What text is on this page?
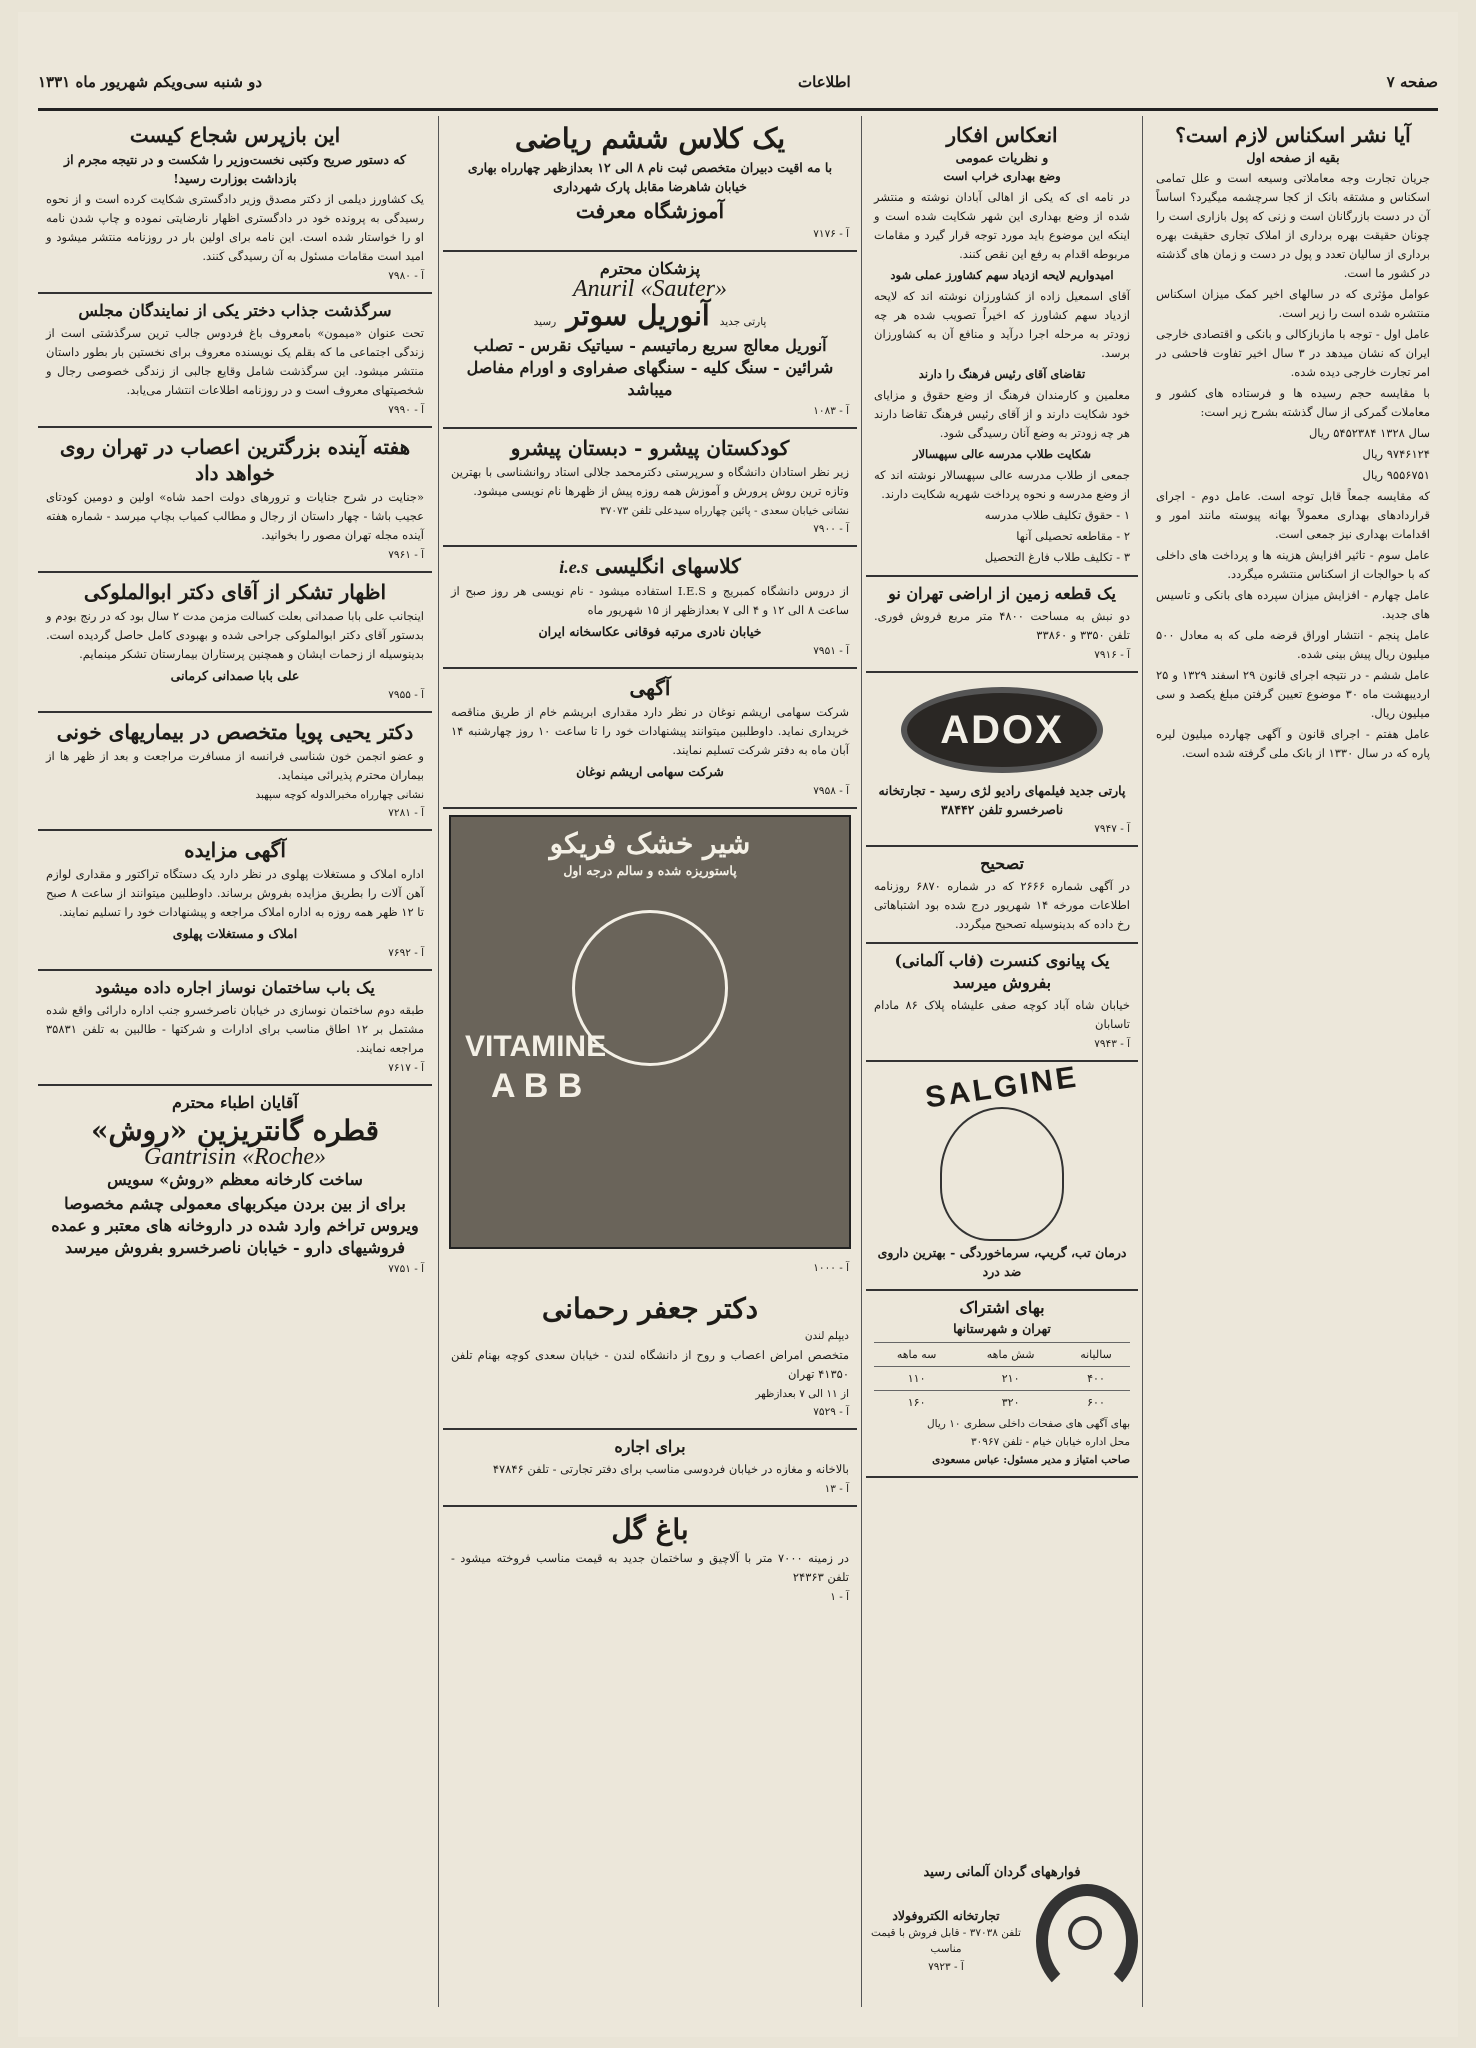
صفحه ۷
اطلاعات
دو شنبه سی‌ویکم شهریور ماه ۱۳۳۱
آیا نشر اسکناس لازم است؟
بقیه از صفحه اول

جریان تجارت وجه معاملاتی وسیعه است و علل تمامی اسکناس و مشتقه بانک از کجا سرچشمه میگیرد؟ اساساً آن در دست بازرگانان است و زنی که پول بازاری است را چونان حقیقت بهره برداری از املاک تجاری حقیقت بهره برداری از سالیان تعدد و پول در دست و زمان های گذشته در کشور ما است.

عوامل مؤثری که در سالهای اخیر کمک میزان اسکناس منتشره شده است را زیر است.

عامل اول - توجه با مازبازکالی و بانکی و اقتصادی خارجی ایران که نشان میدهد در ۳ سال اخیر تفاوت فاحشی در امر تجارت خارجی دیده شده.

با مقایسه حجم رسیده ها و فرستاده های کشور و معاملات گمرکی از سال گذشته بشرح زیر است:

سال ۱۳۲۸ ۵۴۵۲۳۸۴ ریال

۹۷۴۶۱۲۴ ریال

۹۵۵۶۷۵۱ ریال

که مقایسه جمعاً قابل توجه است. عامل دوم - اجرای قراردادهای بهداری معمولاً بهانه پیوسته مانند امور و اقدامات بهداری نیز جمعی است.

عامل سوم - تاثیر افزایش هزینه ها و پرداخت های داخلی که با حوالجات از اسکناس منتشره میگردد.

عامل چهارم - افزایش میزان سپرده های بانکی و تاسیس های جدید.

عامل پنجم - انتشار اوراق قرضه ملی که به معادل ۵۰۰ میلیون ریال پیش بینی شده.

عامل ششم - در نتیجه اجرای قانون ۲۹ اسفند ۱۳۲۹ و ۲۵ اردیبهشت ماه ۳۰ موضوع تعیین گرفتن مبلغ یکصد و سی میلیون ریال.

عامل هفتم - اجرای قانون و آگهی چهارده میلیون لیره پاره که در سال ۱۳۳۰ از بانک ملی گرفته شده است.

انعکاس افکار
و نظریات عمومی
وضع بهداری خراب است

در نامه ای که یکی از اهالی آبادان نوشته و منتشر شده از وضع بهداری این شهر شکایت شده است و اینکه این موضوع باید مورد توجه قرار گیرد و مقامات مربوطه اقدام به رفع این نقص کنند.

امیدواریم لایحه ازدیاد سهم کشاورز عملی شود

آقای اسمعیل زاده از کشاورزان نوشته اند که لایحه ازدیاد سهم کشاورز که اخیراً تصویب شده هر چه زودتر به مرحله اجرا درآید و منافع آن به کشاورزان برسد.

تقاضای آقای رئیس فرهنگ را دارند

معلمین و کارمندان فرهنگ از وضع حقوق و مزایای خود شکایت دارند و از آقای رئیس فرهنگ تقاضا دارند هر چه زودتر به وضع آنان رسیدگی شود.

شکایت طلاب مدرسه عالی سپهسالار

جمعی از طلاب مدرسه عالی سپهسالار نوشته اند که از وضع مدرسه و نحوه پرداخت شهریه شکایت دارند.

۱ - حقوق تکلیف طلاب مدرسه

۲ - مقاطعه تحصیلی آنها

۳ - تکلیف طلاب فارغ التحصیل

یک قطعه زمین از اراضی تهران نو

دو نبش به مساحت ۴۸۰۰ متر مربع فروش فوری. تلفن ۳۳۵۰ و ۳۳۸۶۰

آ - ۷۹۱۶

ADOX

پارتی جدید فیلمهای رادیو لژی رسید - تجارتخانه ناصرخسرو تلفن ۳۸۴۴۲

آ - ۷۹۴۷

تصحیح

در آگهی شماره ۲۶۶۶ که در شماره ۶۸۷۰ روزنامه اطلاعات مورخه ۱۴ شهریور درج شده بود اشتباهاتی رخ داده که بدینوسیله تصحیح میگردد.

یک پیانوی کنسرت (فاب آلمانی) بفروش میرسد

خیابان شاه آباد کوچه صفی علیشاه پلاک ۸۶ مادام تاسابان

آ - ۷۹۴۳

SALGINE

درمان تب، گریپ، سرماخوردگی - بهترین داروی ضد درد

بهای اشتراک
تهران و شهرستانها
سالیانه	شش ماهه	سه ماهه
۴۰۰	۲۱۰	۱۱۰
۶۰۰	۳۲۰	۱۶۰

بهای آگهی های صفحات داخلی سطری ۱۰ ریال

محل اداره خیابان خیام - تلفن ۳۰۹۶۷

صاحب امتیاز و مدیر مسئول: عباس مسعودی

یک کلاس ششم ریاضی

با مه اقیت دبیران متخصص ثبت نام ۸ الی ۱۲ بعدازظهر چهارراه بهاری خیابان شاهرضا مقابل پارک شهرداری

آموزشگاه معرفت

آ - ۷۱۷۶

پزشکان محترم
Anuril «Sauter»
پارتی جدید
آنوریل سوتر
رسید

آنوریل معالج سریع رماتیسم - سیاتیک نقرس - تصلب شرائین - سنگ کلیه - سنگهای صفراوی و اورام مفاصل میباشد

آ - ۱۰۸۳

کودکستان پیشرو - دبستان پیشرو

زیر نظر استادان دانشگاه و سرپرستی دکترمحمد جلالی استاد روانشناسی با بهترین وتازه ترین روش پرورش و آموزش همه روزه پیش از ظهرها نام نویسی میشود.

نشانی خیابان سعدی - پائین چهارراه سیدعلی تلفن ۳۷۰۷۳

آ - ۷۹۰۰

کلاسهای انگلیسی i.e.s

از دروس دانشگاه کمبریج و I.E.S استفاده میشود - نام نویسی هر روز صبح از ساعت ۸ الی ۱۲ و ۴ الی ۷ بعدازظهر از ۱۵ شهریور ماه

خیابان نادری مرتبه فوقانی عکاسخانه ایران

آ - ۷۹۵۱

آگهی

شرکت سهامی اریشم نوغان در نظر دارد مقداری ابریشم خام از طریق مناقصه خریداری نماید. داوطلبین میتوانند پیشنهادات خود را تا ساعت ۱۰ روز چهارشنبه ۱۴ آبان ماه به دفتر شرکت تسلیم نمایند.

شرکت سهامی اریشم نوغان

آ - ۷۹۵۸

شیر خشک فریکو
پاستوریزه شده و سالم درجه اول
VITAMINE
A B B

آ - ۱۰۰۰

دکتر جعفر رحمانی

دیپلم لندن

متخصص امراض اعصاب و روح از دانشگاه لندن - خیابان سعدی کوچه بهنام تلفن ۴۱۳۵۰ تهران

از ۱۱ الی ۷ بعدازظهر

آ - ۷۵۲۹

برای اجاره

بالاخانه و مغازه در خیابان فردوسی مناسب برای دفتر تجارتی - تلفن ۴۷۸۴۶

آ - ۱۳

باغ گل

در زمینه ۷۰۰۰ متر با آلاچیق و ساختمان جدید به قیمت مناسب فروخته میشود - تلفن ۲۴۳۶۳

آ - ۱

این بازپرس شجاع کیست

که دستور صریح وکتبی نخست‌وزیر را شکست و در نتیجه مجرم از بازداشت بوزارت رسید!

یک کشاورز دیلمی از دکتر مصدق وزیر دادگستری شکایت کرده است و از نحوه رسیدگی به پرونده خود در دادگستری اظهار نارضایتی نموده و چاپ شدن نامه او را خواستار شده است. این نامه برای اولین بار در روزنامه منتشر میشود و امید است مقامات مسئول به آن رسیدگی کنند.

آ - ۷۹۸۰

سرگذشت جذاب دختر یکی از نمایندگان مجلس

تحت عنوان «میمون» بامعروف باغ فردوس جالب ترین سرگذشتی است از زندگی اجتماعی ما که بقلم یک نویسنده معروف برای نخستین بار بطور داستان منتشر میشود. این سرگذشت شامل وقایع جالبی از زندگی خصوصی رجال و شخصیتهای معروف است و در روزنامه اطلاعات انتشار می‌یابد.

آ - ۷۹۹۰

هفته آینده بزرگترین اعصاب در تهران روی خواهد داد

«جنایت در شرح جنایات و ترورهای دولت احمد شاه» اولین و دومین کودتای عجیب باشا - چهار داستان از رجال و مطالب کمیاب بچاپ میرسد - شماره هفته آینده مجله تهران مصور را بخوانید.

آ - ۷۹۶۱

اظهار تشکر از آقای دکتر ابوالملوکی

اینجانب علی بابا صمدانی بعلت کسالت مزمن مدت ۲ سال بود که در رنج بودم و بدستور آقای دکتر ابوالملوکی جراحی شده و بهبودی کامل حاصل گردیده است. بدینوسیله از زحمات ایشان و همچنین پرستاران بیمارستان تشکر مینمایم.

علی بابا صمدانی کرمانی

آ - ۷۹۵۵

دکتر یحیی پویا متخصص در بیماریهای خونی

و عضو انجمن خون شناسی فرانسه از مسافرت مراجعت و بعد از ظهر ها از بیماران محترم پذیرائی مینماید.

نشانی چهارراه مخبرالدوله کوچه سپهبد

آ - ۷۲۸۱

آگهی مزایده

اداره املاک و مستغلات پهلوی در نظر دارد یک دستگاه تراکتور و مقداری لوازم آهن آلات را بطریق مزایده بفروش برساند. داوطلبین میتوانند از ساعت ۸ صبح تا ۱۲ ظهر همه روزه به اداره املاک مراجعه و پیشنهادات خود را تسلیم نمایند.

املاک و مستغلات پهلوی

آ - ۷۶۹۲

یک باب ساختمان نوساز اجاره داده میشود

طبقه دوم ساختمان نوسازی در خیابان ناصرخسرو جنب اداره دارائی واقع شده مشتمل بر ۱۲ اطاق مناسب برای ادارات و شرکتها - طالبین به تلفن ۳۵۸۳۱ مراجعه نمایند.

آ - ۷۶۱۷

آقایان اطباء محترم
قطره گانتریزین «روش»
Gantrisin «Roche»

ساخت کارخانه معظم «روش» سویس

برای از بین بردن میکربهای معمولی چشم مخصوصا ویروس تراخم وارد شده در داروخانه های معتبر و عمده فروشیهای دارو - خیابان ناصرخسرو بفروش میرسد

آ - ۷۷۵۱

فوارههای گردان آلمانی رسید

تجارتخانه الکتروفولاد

تلفن ۳۷۰۳۸ - قابل فروش با قیمت مناسب

آ - ۷۹۲۳
